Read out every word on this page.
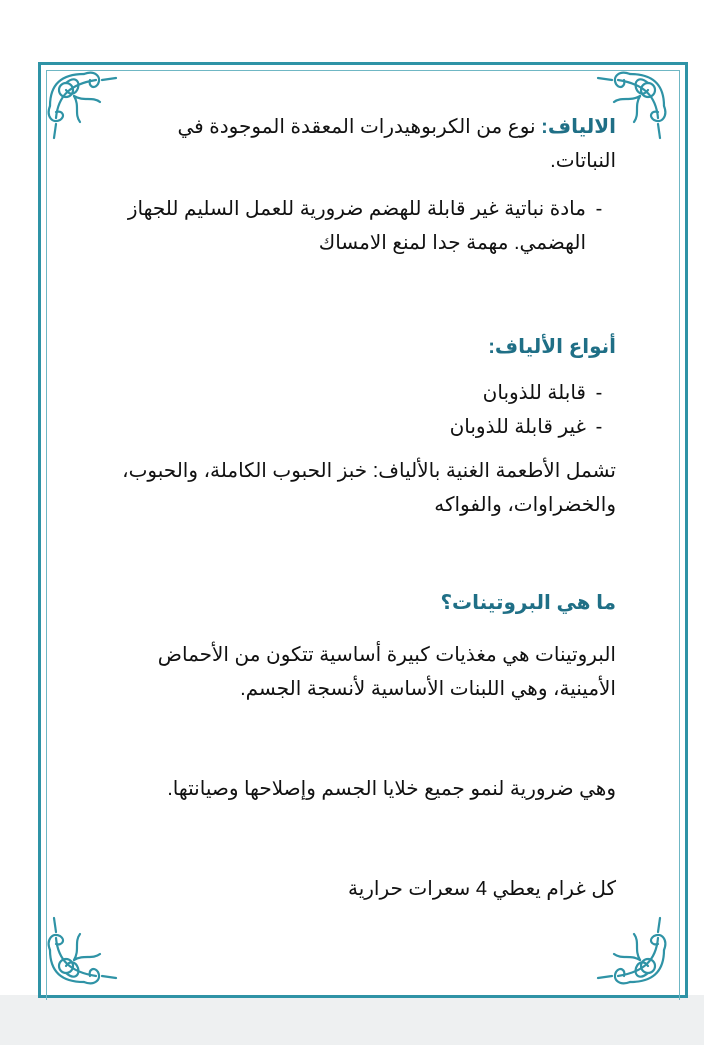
الالياف: نوع من الكربوهيدرات المعقدة الموجودة في النباتات.

-
مادة نباتية غير قابلة للهضم ضرورية للعمل السليم للجهاز الهضمي. مهمة جدا لمنع الامساك

أنواع الألياف:

-
قابلة للذوبان
-
غير قابلة للذوبان

تشمل الأطعمة الغنية بالألياف: خبز الحبوب الكاملة، والحبوب، والخضراوات، والفواكه

ما هي البروتينات؟

البروتينات هي مغذيات كبيرة أساسية تتكون من الأحماض الأمينية، وهي اللبنات الأساسية لأنسجة الجسم.

وهي ضرورية لنمو جميع خلايا الجسم وإصلاحها وصيانتها.

كل غرام يعطي 4 سعرات حرارية
